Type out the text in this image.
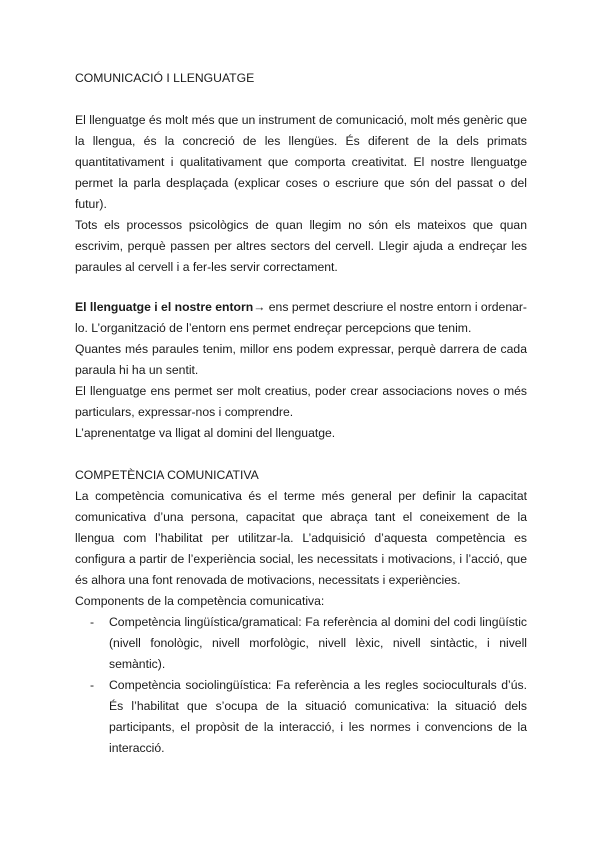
COMUNICACIÓ I LLENGUATGE

El llenguatge és molt més que un instrument de comunicació, molt més genèric que la llengua, és la concreció de les llengües. És diferent de la dels primats quantitativament i qualitativament que comporta creativitat. El nostre llenguatge permet la parla desplaçada (explicar coses o escriure que són del passat o del futur).

Tots els processos psicològics de quan llegim no són els mateixos que quan escrivim, perquè passen per altres sectors del cervell. Llegir ajuda a endreçar les paraules al cervell i a fer-les servir correctament.

El llenguatge i el nostre entorn→ ens permet descriure el nostre entorn i ordenar-lo. L’organització de l’entorn ens permet endreçar percepcions que tenim.

Quantes més paraules tenim, millor ens podem expressar, perquè darrera de cada paraula hi ha un sentit.

El llenguatge ens permet ser molt creatius, poder crear associacions noves o més particulars, expressar-nos i comprendre.

L’aprenentatge va lligat al domini del llenguatge.

COMPETÈNCIA COMUNICATIVA

La competència comunicativa és el terme més general per definir la capacitat comunicativa d’una persona, capacitat que abraça tant el coneixement de la llengua com l’habilitat per utilitzar-la. L’adquisició d’aquesta competència es configura a partir de l’experiència social, les necessitats i motivacions, i l’acció, que és alhora una font renovada de motivacions, necessitats i experiències.

Components de la competència comunicativa:

- Competència lingüística/gramatical: Fa referència al domini del codi lingüístic (nivell fonològic, nivell morfològic, nivell lèxic, nivell sintàctic, i nivell semàntic).
- Competència sociolingüística: Fa referència a les regles socioculturals d’ús. És l’habilitat que s’ocupa de la situació comunicativa: la situació dels participants, el propòsit de la interacció, i les normes i convencions de la interacció.
